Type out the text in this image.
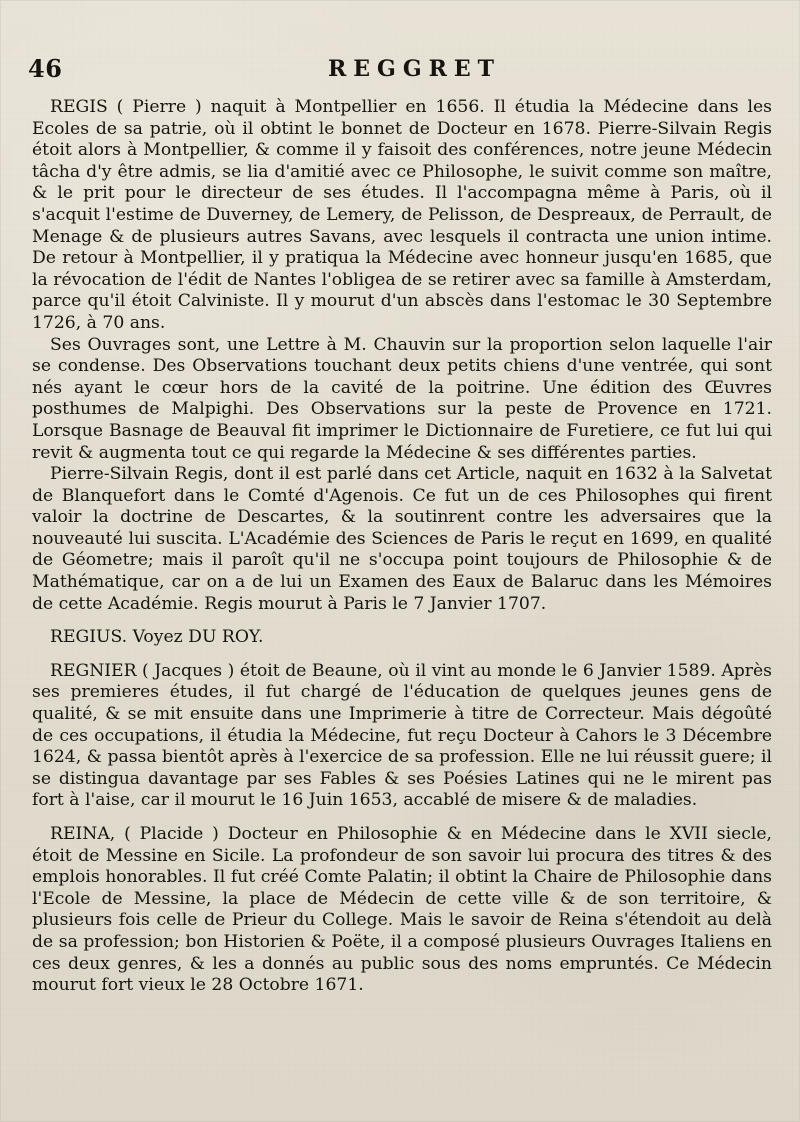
46	REGGRET

REGIS ( Pierre ) naquit à Montpellier en 1656. Il étudia la Médecine dans les Ecoles de sa patrie, où il obtint le bonnet de Docteur en 1678. Pierre-Silvain Regis étoit alors à Montpellier, & comme il y faisoit des conférences, notre jeune Médecin tâcha d'y être admis, se lia d'amitié avec ce Philosophe, le suivit comme son maître, & le prit pour le directeur de ses études. Il l'accompagna même à Paris, où il s'acquit l'estime de Duverney, de Lemery, de Pelisson, de Despreaux, de Perrault, de Menage & de plusieurs autres Savans, avec lesquels il contracta une union intime. De retour à Montpellier, il y pratiqua la Médecine avec honneur jusqu'en 1685, que la révocation de l'édit de Nantes l'obligea de se retirer avec sa famille à Amsterdam, parce qu'il étoit Calviniste. Il y mourut d'un abscès dans l'estomac le 30 Septembre 1726, à 70 ans.

Ses Ouvrages sont, une Lettre à M. Chauvin sur la proportion selon laquelle l'air se condense. Des Observations touchant deux petits chiens d'une ventrée, qui sont nés ayant le cœur hors de la cavité de la poitrine. Une édition des Œuvres posthumes de Malpighi. Des Observations sur la peste de Provence en 1721. Lorsque Basnage de Beauval fit imprimer le Dictionnaire de Furetiere, ce fut lui qui revit & augmenta tout ce qui regarde la Médecine & ses différentes parties.

Pierre-Silvain Regis, dont il est parlé dans cet Article, naquit en 1632 à la Salvetat de Blanquefort dans le Comté d'Agenois. Ce fut un de ces Philosophes qui firent valoir la doctrine de Descartes, & la soutinrent contre les adversaires que la nouveauté lui suscita. L'Académie des Sciences de Paris le reçut en 1699, en qualité de Géometre; mais il paroît qu'il ne s'occupa point toujours de Philosophie & de Mathématique, car on a de lui un Examen des Eaux de Balaruc dans les Mémoires de cette Académie. Regis mourut à Paris le 7 Janvier 1707.

REGIUS. Voyez DU ROY.

REGNIER ( Jacques ) étoit de Beaune, où il vint au monde le 6 Janvier 1589. Après ses premieres études, il fut chargé de l'éducation de quelques jeunes gens de qualité, & se mit ensuite dans une Imprimerie à titre de Correcteur. Mais dégoûté de ces occupations, il étudia la Médecine, fut reçu Docteur à Cahors le 3 Décembre 1624, & passa bientôt après à l'exercice de sa profession. Elle ne lui réussit guere; il se distingua davantage par ses Fables & ses Poésies Latines qui ne le mirent pas fort à l'aise, car il mourut le 16 Juin 1653, accablé de misere & de maladies.

REINA, ( Placide ) Docteur en Philosophie & en Médecine dans le XVII siecle, étoit de Messine en Sicile. La profondeur de son savoir lui procura des titres & des emplois honorables. Il fut créé Comte Palatin; il obtint la Chaire de Philosophie dans l'Ecole de Messine, la place de Médecin de cette ville & de son territoire, & plusieurs fois celle de Prieur du College. Mais le savoir de Reina s'étendoit au delà de sa profession; bon Historien & Poëte, il a composé plusieurs Ouvrages Italiens en ces deux genres, & les a donnés au public sous des noms empruntés. Ce Médecin mourut fort vieux le 28 Octobre 1671.
